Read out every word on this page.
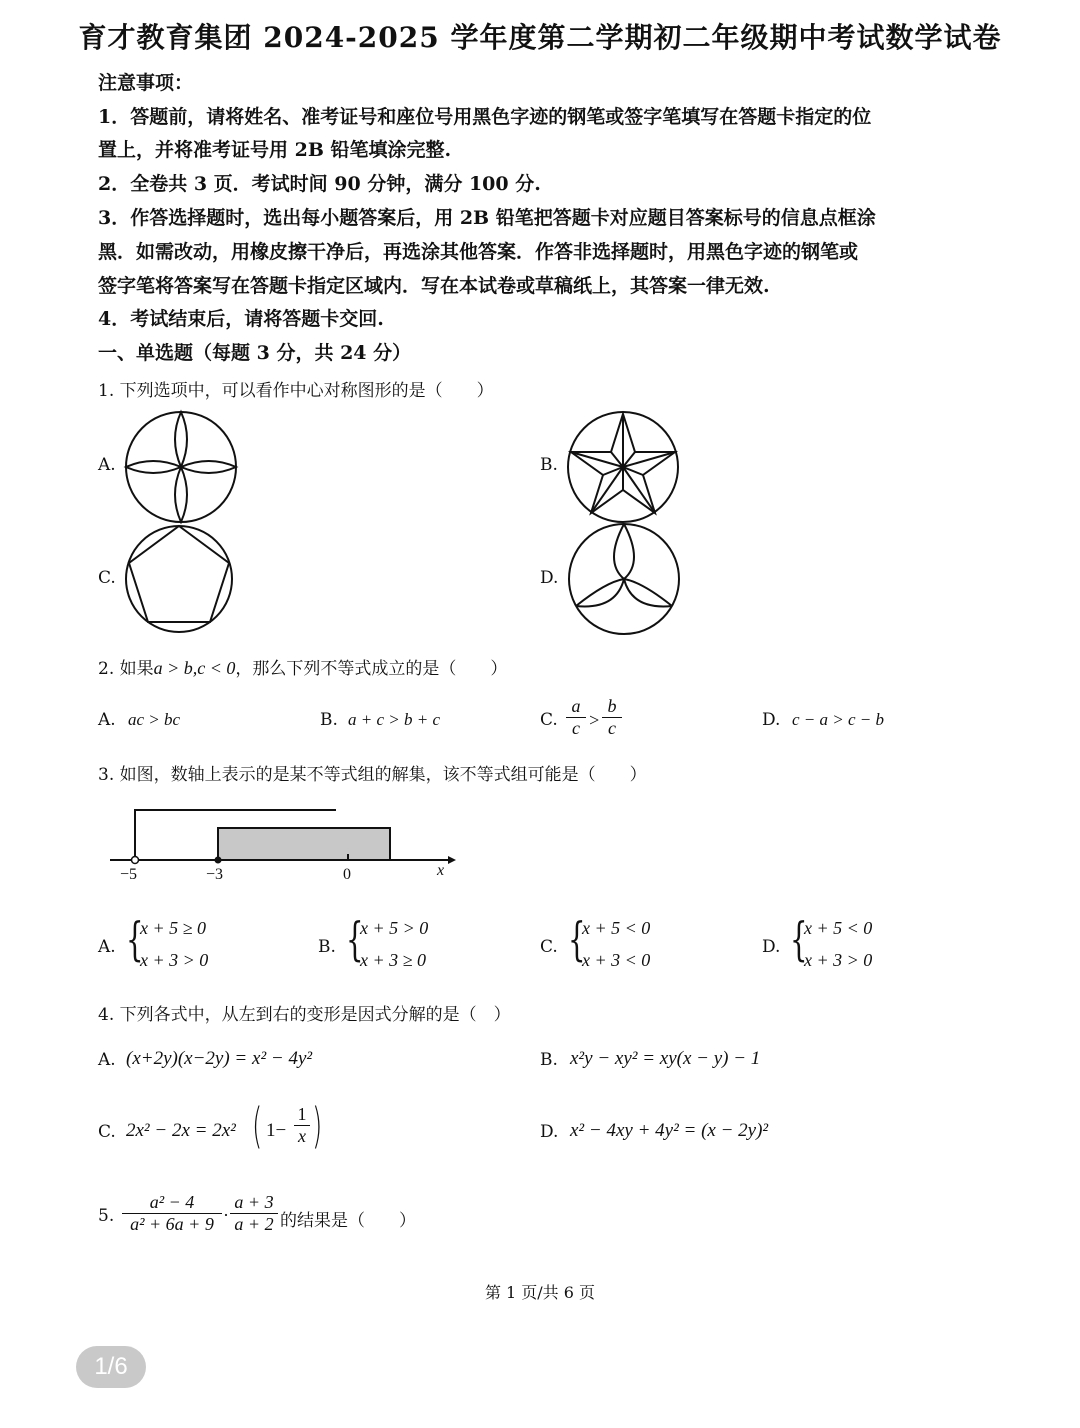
育才教育集团 2024-2025 学年度第二学期初二年级期中考试数学试卷
注意事项：
1．答题前，请将姓名、准考证号和座位号用黑色字迹的钢笔或签字笔填写在答题卡指定的位
置上，并将准考证号用 2B 铅笔填涂完整.
2．全卷共 3 页．考试时间 90 分钟，满分 100 分.
3．作答选择题时，选出每小题答案后，用 2B 铅笔把答题卡对应题目答案标号的信息点框涂
黑．如需改动，用橡皮擦干净后，再选涂其他答案．作答非选择题时，用黑色字迹的钢笔或
签字笔将答案写在答题卡指定区域内．写在本试卷或草稿纸上，其答案一律无效.
4．考试结束后，请将答题卡交回.
一、单选题（每题 3 分，共 24 分）
1. 下列选项中，可以看作中心对称图形的是（　　）
A.	B.
C.	D.
2. 如果a > b,c < 0，那么下列不等式成立的是（　　）
A. ac > bc	B. a + c > b + c	C. $\frac{a}{c} > \frac{b}{c}$	D. c − a > c − b
3. 如图，数轴上表示的是某不等式组的解集，该不等式组可能是（　　）
−5	−3	0	x
A. {
x + 5 ≥ 0
x + 3 > 0
B. {
x + 5 > 0
x + 3 ≥ 0
C. {
x + 5 < 0
x + 3 < 0
D. {
x + 5 < 0
x + 3 > 0
4. 下列各式中，从左到右的变形是因式分解的是（　）
A. (x+2y)(x−2y) = x² − 4y²	B. x²y − xy² = xy(x − y) − 1
C. 2x² − 2x = 2x² ( $1- \frac{1}{x}$ )	D. x² − 4xy + 4y² = (x − 2y)²
5. $\frac{\text{a² − 4}}{\text{a² + 6a + 9}} \cdot \frac{a + 3}{a + 2}$ 的结果是（　　）
第 1 页/共 6 页
1/6
